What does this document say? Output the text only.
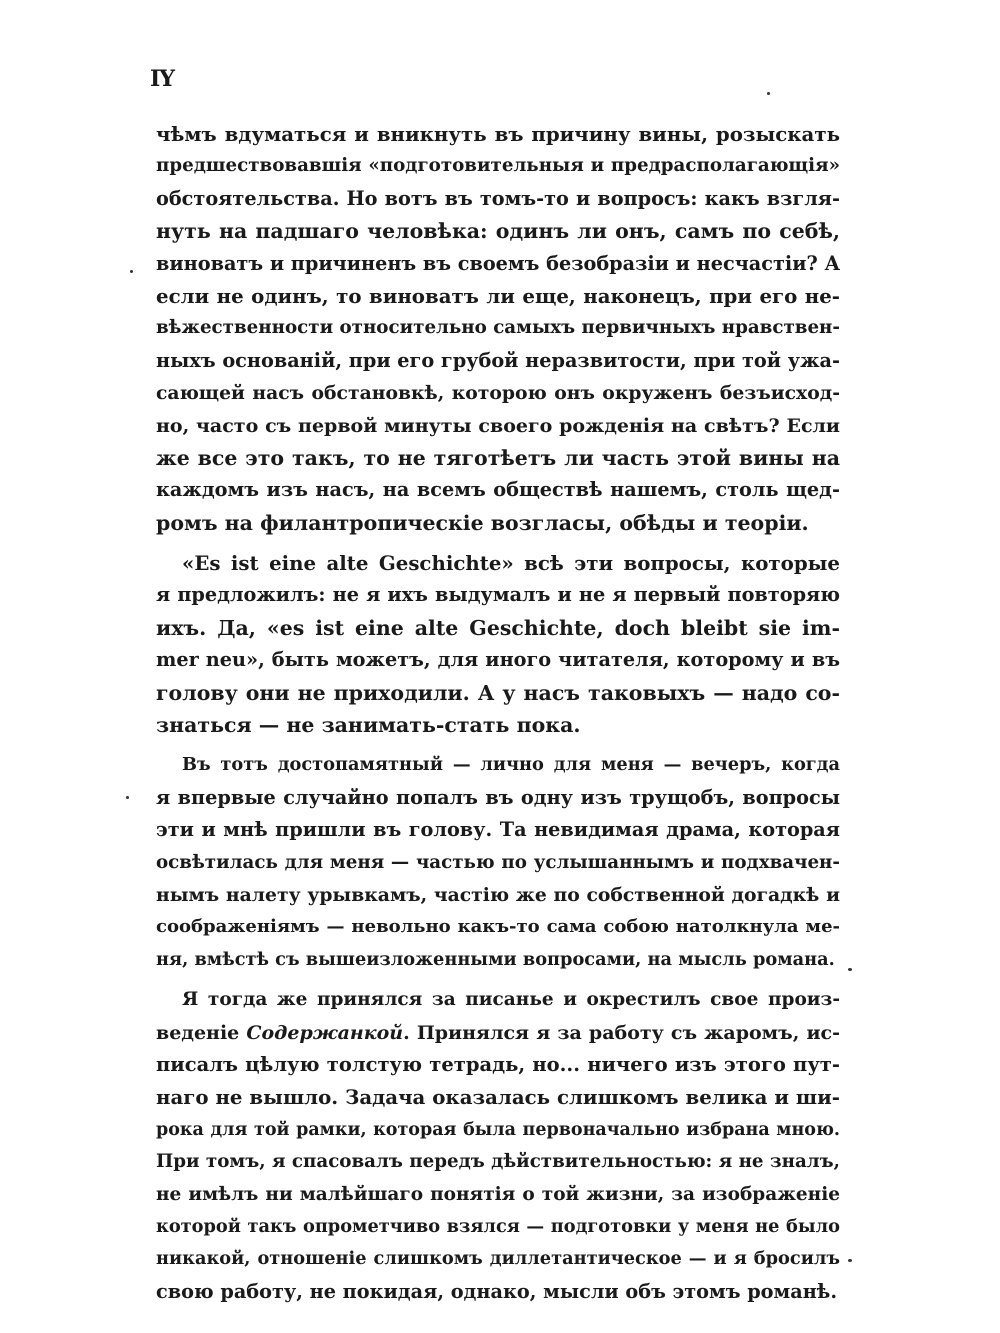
IY
чѣмъ вдуматься и вникнуть въ причину вины, розыскать
предшествовавшія «подготовительныя и предрасполагающія»
обстоятельства. Но вотъ въ томъ-то и вопросъ: какъ взгля-
нуть на падшаго человѣка: одинъ ли онъ, самъ по себѣ,
виноватъ и причиненъ въ своемъ безобразіи и несчастіи? А
если не одинъ, то виноватъ ли еще, наконецъ, при его не-
вѣжественности относительно самыхъ первичныхъ нравствен-
ныхъ основаній, при его грубой неразвитости, при той ужа-
сающей насъ обстановкѣ, которою онъ окруженъ безъисход-
но, часто съ первой минуты своего рожденія на свѣтъ? Если
же все это такъ, то не тяготѣетъ ли часть этой вины на
каждомъ изъ насъ, на всемъ обществѣ нашемъ, столь щед-
ромъ на филантропическіе возгласы, обѣды и теоріи.
«Es ist eine alte Geschichte» всѣ эти вопросы, которые
я предложилъ: не я ихъ выдумалъ и не я первый повторяю
ихъ. Да, «es ist eine alte Geschichte, doch bleibt sie im-
mer neu», быть можетъ, для иного читателя, которому и въ
голову они не приходили. А у насъ таковыхъ — надо со-
знаться — не занимать-стать пока.
Въ тотъ достопамятный — лично для меня — вечеръ, когда
я впервые случайно попалъ въ одну изъ трущобъ, вопросы
эти и мнѣ пришли въ голову. Та невидимая драма, которая
освѣтилась для меня — частью по услышаннымъ и подхвачен-
нымъ налету урывкамъ, частію же по собственной догадкѣ и
соображеніямъ — невольно какъ-то сама собою натолкнула ме-
ня, вмѣстѣ съ вышеизложенными вопросами, на мысль романа.
Я тогда же принялся за писанье и окрестилъ свое произ-
веденіе Содержанкой. Принялся я за работу съ жаромъ, ис-
писалъ цѣлую толстую тетрадь, но... ничего изъ этого пут-
наго не вышло. Задача оказалась слишкомъ велика и ши-
рока для той рамки, которая была первоначально избрана мною.
При томъ, я спасовалъ передъ дѣйствительностью: я не зналъ,
не имѣлъ ни малѣйшаго понятія о той жизни, за изображеніе
которой такъ опрометчиво взялся — подготовки у меня не было
никакой, отношеніе слишкомъ диллетантическое — и я бросилъ
свою работу, не покидая, однако, мысли объ этомъ романѣ.
